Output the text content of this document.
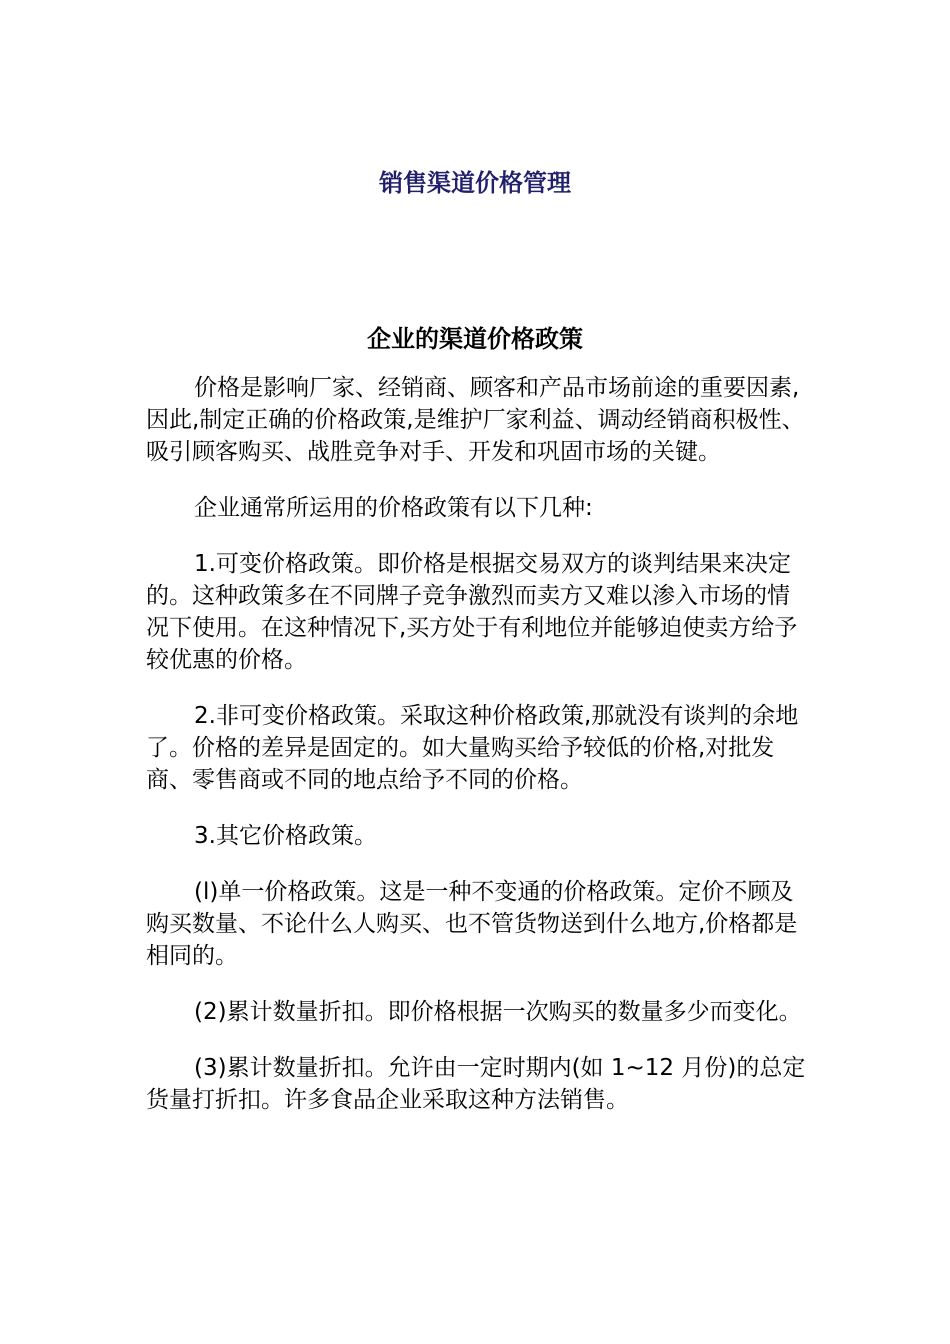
销售渠道价格管理
企业的渠道价格政策

价格是影响厂家、经销商、顾客和产品市场前途的重要因素,因此,制定正确的价格政策,是维护厂家利益、调动经销商积极性、吸引顾客购买、战胜竞争对手、开发和巩固市场的关键。

企业通常所运用的价格政策有以下几种:

1.可变价格政策。即价格是根据交易双方的谈判结果来决定的。这种政策多在不同牌子竞争激烈而卖方又难以渗入市场的情况下使用。在这种情况下,买方处于有利地位并能够迫使卖方给予较优惠的价格。

2.非可变价格政策。采取这种价格政策,那就没有谈判的余地了。价格的差异是固定的。如大量购买给予较低的价格,对批发商、零售商或不同的地点给予不同的价格。

3.其它价格政策。

(l)单一价格政策。这是一种不变通的价格政策。定价不顾及购买数量、不论什么人购买、也不管货物送到什么地方,价格都是相同的。

(2)累计数量折扣。即价格根据一次购买的数量多少而变化。

(3)累计数量折扣。允许由一定时期内(如 1~12 月份)的总定货量打折扣。许多食品企业采取这种方法销售。
